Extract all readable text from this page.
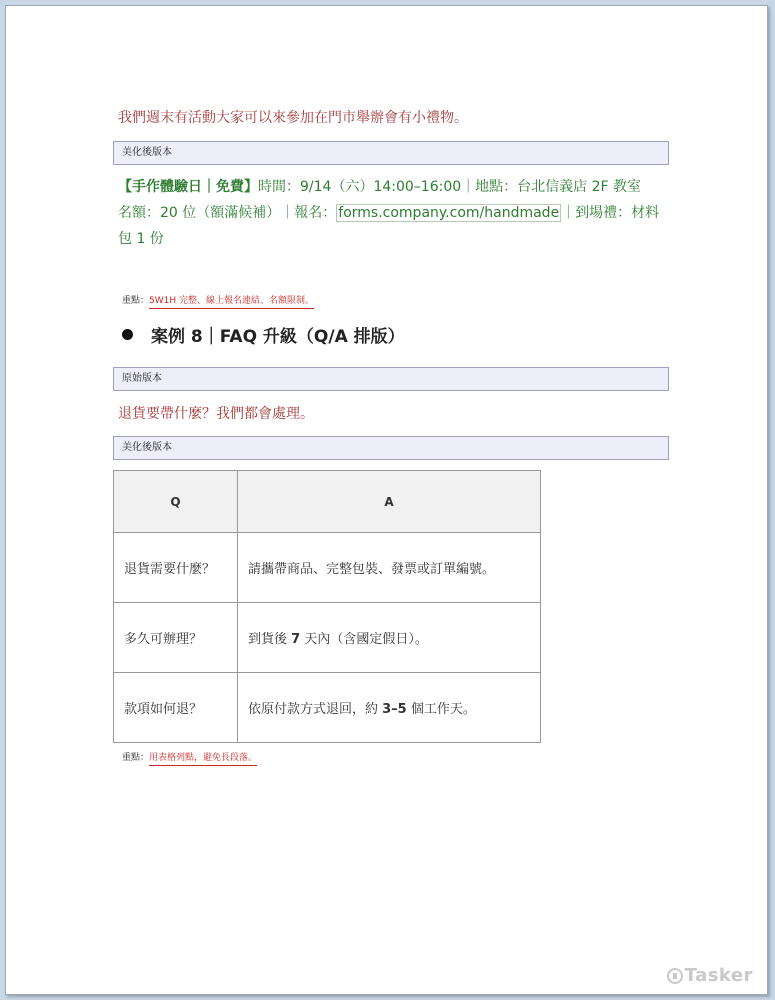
我們週末有活動大家可以來參加在門市舉辦會有小禮物。
美化後版本
【手作體驗日｜免費】時間：9/14（六）14:00–16:00｜地點：台北信義店 2F 教室
名額：20 位（額滿候補）｜報名： forms.company.com/handmade ｜到場禮：材料包 1 份
重點：5W1H 完整、線上報名連結、名額限制。
案例 8｜FAQ 升級（Q/A 排版）
原始版本
退貨要帶什麼？我們都會處理。
美化後版本
Q	A
退貨需要什麼？	請攜帶商品、完整包裝、發票或訂單編號。
多久可辦理？	到貨後 7 天內（含國定假日）。
款項如何退？	依原付款方式退回，約 3–5 個工作天。
重點：用表格列點，避免長段落。
Tasker
